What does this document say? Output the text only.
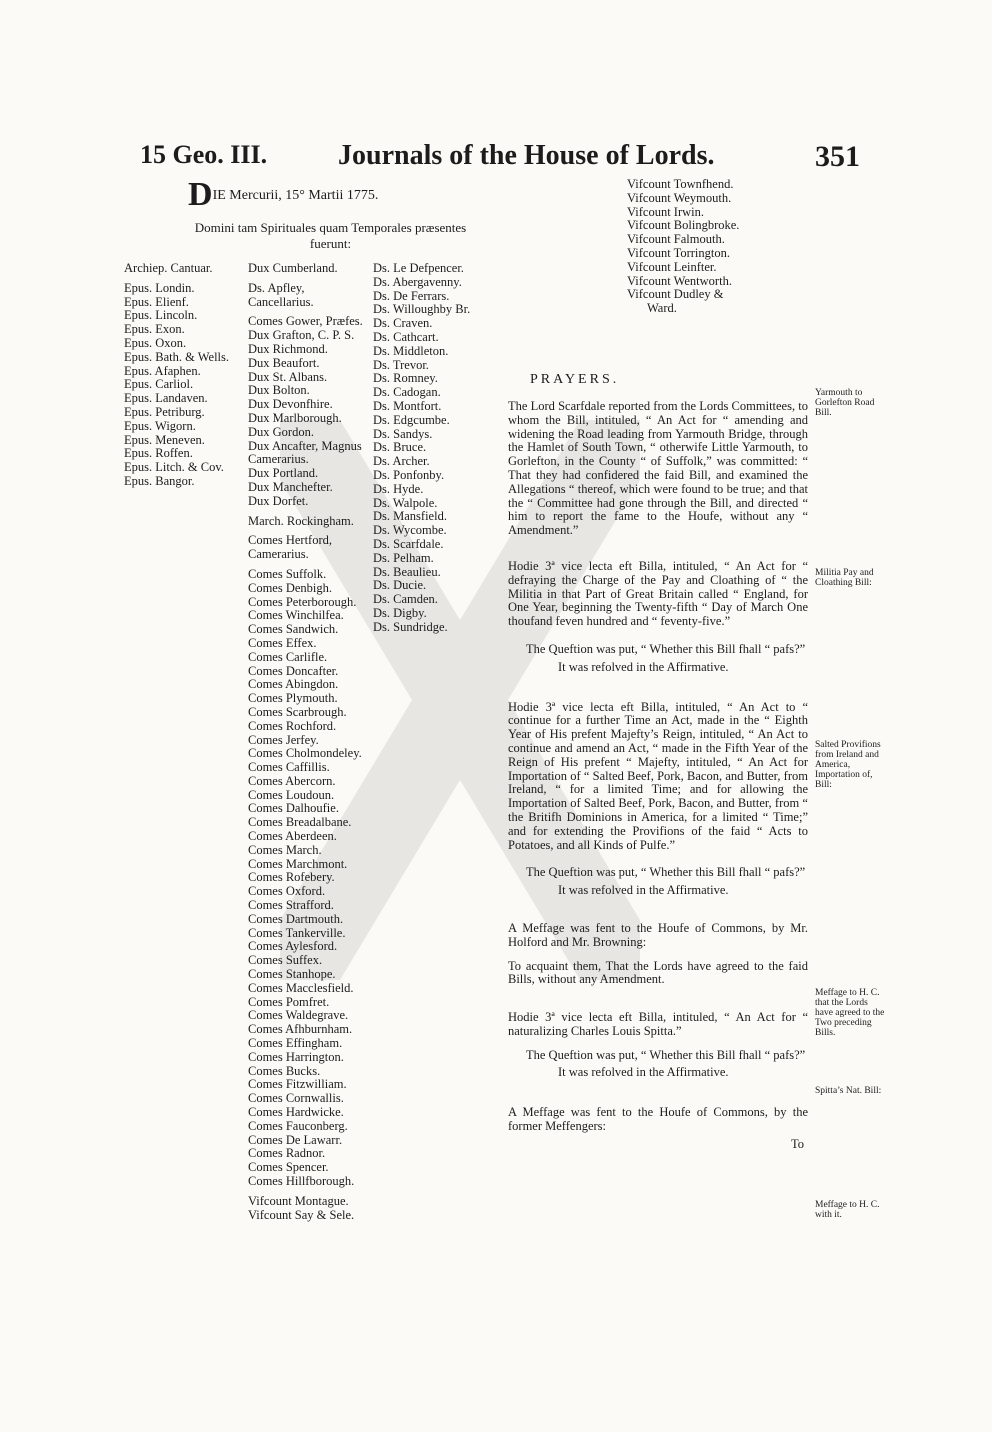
15 Geo. III.	Journals of the House of Lords.	351
DIE Mercurii, 15° Martii 1775.
Domini tam Spirituales quam Temporales præsentes fuerunt:
Archiep. Cantuar.
Epus. Londin.
Epus. Elienf.
Epus. Lincoln.
Epus. Exon.
Epus. Oxon.
Epus. Bath. & Wells.
Epus. Afaphen.
Epus. Carliol.
Epus. Landaven.
Epus. Petriburg.
Epus. Wigorn.
Epus. Meneven.
Epus. Roffen.
Epus. Litch. & Cov.
Epus. Bangor.
Dux Cumberland.
Ds. Apfley, Cancellarius.
Comes Gower, Præfes.
Dux Grafton, C. P. S.
Dux Richmond.
Dux Beaufort.
Dux St. Albans.
Dux Bolton.
Dux Devonfhire.
Dux Marlborough.
Dux Gordon.
Dux Ancafter, Magnus Camerarius.
Dux Portland.
Dux Manchefter.
Dux Dorfet.
March. Rockingham.
Comes Hertford, Camerarius.
Comes Suffolk.
Comes Denbigh.
Comes Peterborough.
Comes Winchilfea.
Comes Sandwich.
Comes Effex.
Comes Carlifle.
Comes Doncafter.
Comes Abingdon.
Comes Plymouth.
Comes Scarbrough.
Comes Rochford.
Comes Jerfey.
Comes Cholmondeley.
Comes Caffillis.
Comes Abercorn.
Comes Loudoun.
Comes Dalhoufie.
Comes Breadalbane.
Comes Aberdeen.
Comes March.
Comes Marchmont.
Comes Rofebery.
Comes Oxford.
Comes Strafford.
Comes Dartmouth.
Comes Tankerville.
Comes Aylesford.
Comes Suffex.
Comes Stanhope.
Comes Macclesfield.
Comes Pomfret.
Comes Waldegrave.
Comes Afhburnham.
Comes Effingham.
Comes Harrington.
Comes Bucks.
Comes Fitzwilliam.
Comes Cornwallis.
Comes Hardwicke.
Comes Fauconberg.
Comes De Lawarr.
Comes Radnor.
Comes Spencer.
Comes Hillfborough.
Vifcount Montague.
Vifcount Say & Sele.
Ds. Le Defpencer.
Ds. Abergavenny.
Ds. De Ferrars.
Ds. Willoughby Br.
Ds. Craven.
Ds. Cathcart.
Ds. Middleton.
Ds. Trevor.
Ds. Romney.
Ds. Cadogan.
Ds. Montfort.
Ds. Edgcumbe.
Ds. Sandys.
Ds. Bruce.
Ds. Archer.
Ds. Ponfonby.
Ds. Hyde.
Ds. Walpole.
Ds. Mansfield.
Ds. Wycombe.
Ds. Scarfdale.
Ds. Pelham.
Ds. Beaulieu.
Ds. Ducie.
Ds. Camden.
Ds. Digby.
Ds. Sundridge.
Vifcount Townfhend.
Vifcount Weymouth.
Vifcount Irwin.
Vifcount Bolingbroke.
Vifcount Falmouth.
Vifcount Torrington.
Vifcount Leinfter.
Vifcount Wentworth.
Vifcount Dudley &
Ward.
PRAYERS.

The Lord Scarfdale reported from the Lords Committees, to whom the Bill, intituled, “ An Act for “ amending and widening the Road leading from Yarmouth Bridge, through the Hamlet of South Town, “ otherwife Little Yarmouth, to Gorlefton, in the County “ of Suffolk,” was committed: “ That they had confidered the faid Bill, and examined the Allegations “ thereof, which were found to be true; and that the “ Committee had gone through the Bill, and directed “ him to report the fame to the Houfe, without any “ Amendment.”

Hodie 3ª vice lecta eft Billa, intituled, “ An Act for “ defraying the Charge of the Pay and Cloathing of “ the Militia in that Part of Great Britain called “ England, for One Year, beginning the Twenty-fifth “ Day of March One thoufand feven hundred and “ feventy-five.”

The Queftion was put, “ Whether this Bill fhall “ pafs?”

It was refolved in the Affirmative.

Hodie 3ª vice lecta eft Billa, intituled, “ An Act to “ continue for a further Time an Act, made in the “ Eighth Year of His prefent Majefty’s Reign, intituled, “ An Act to continue and amend an Act, “ made in the Fifth Year of the Reign of His prefent “ Majefty, intituled, “ An Act for Importation of “ Salted Beef, Pork, Bacon, and Butter, from Ireland, “ for a limited Time; and for allowing the Importation of Salted Beef, Pork, Bacon, and Butter, from “ the Britifh Dominions in America, for a limited “ Time;” and for extending the Provifions of the faid “ Acts to Potatoes, and all Kinds of Pulfe.”

The Queftion was put, “ Whether this Bill fhall “ pafs?”

It was refolved in the Affirmative.

A Meffage was fent to the Houfe of Commons, by Mr. Holford and Mr. Browning:

To acquaint them, That the Lords have agreed to the faid Bills, without any Amendment.

Hodie 3ª vice lecta eft Billa, intituled, “ An Act for “ naturalizing Charles Louis Spitta.”

The Queftion was put, “ Whether this Bill fhall “ pafs?”

It was refolved in the Affirmative.

A Meffage was fent to the Houfe of Commons, by the former Meffengers:

To

Yarmouth to Gorlefton Road Bill.
Militia Pay and Cloathing Bill:
Salted Provifions from Ireland and America, Importation of, Bill:
Meffage to H. C. that the Lords have agreed to the Two preceding Bills.
Spitta’s Nat. Bill:
Meffage to H. C. with it.
